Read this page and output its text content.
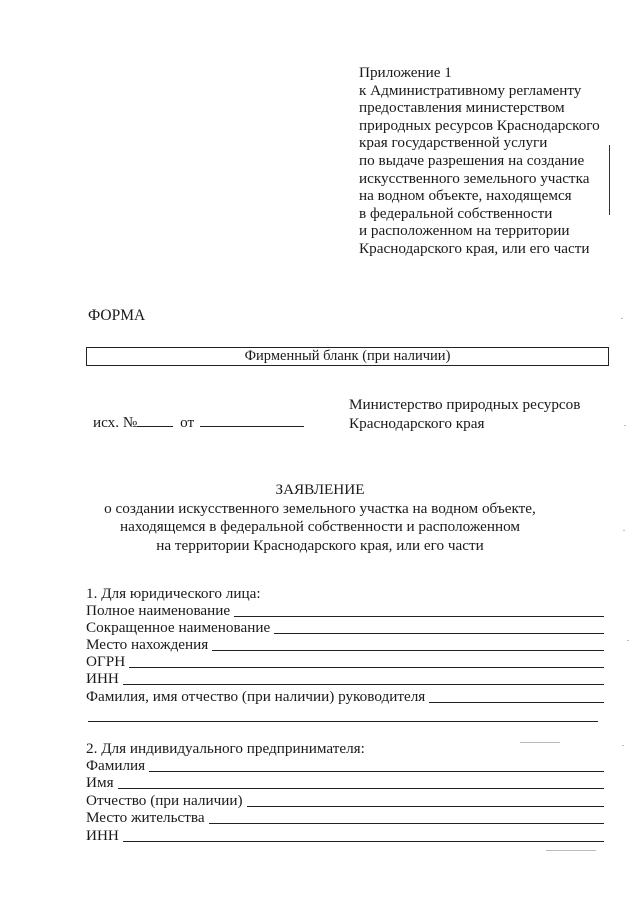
Приложение 1
к Административному регламенту
предоставления министерством
природных ресурсов Краснодарского
края государственной услуги
по выдаче разрешения на создание
искусственного земельного участка
на водном объекте, находящемся
в федеральной собственности
и расположенном на территории
Краснодарского края, или его части
ФОРМА
Фирменный бланк (при наличии)
Министерство природных ресурсов
Краснодарского края
исх. №	от
ЗАЯВЛЕНИЕ
о создании искусственного земельного участка на водном объекте,
находящемся в федеральной собственности и расположенном
на территории Краснодарского края, или его части
1. Для юридического лица:
Полное наименование
Сокращенное наименование
Место нахождения
ОГРН
ИНН
Фамилия, имя отчество (при наличии) руководителя
2. Для индивидуального предпринимателя:
Фамилия
Имя
Отчество (при наличии)
Место жительства
ИНН
